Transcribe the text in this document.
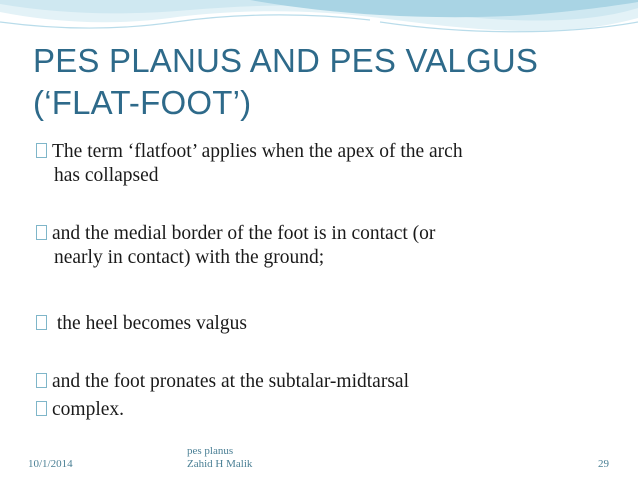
PES PLANUS AND PES VALGUS
(‘FLAT-FOOT’)
The term ‘flatfoot’ applies when the apex of the arch
has collapsed
and the medial border of the foot is in contact (or
nearly in contact) with the ground;
the heel becomes valgus
and the foot pronates at the subtalar-midtarsal
complex.
10/1/2014
pes planus
Zahid H Malik	29
